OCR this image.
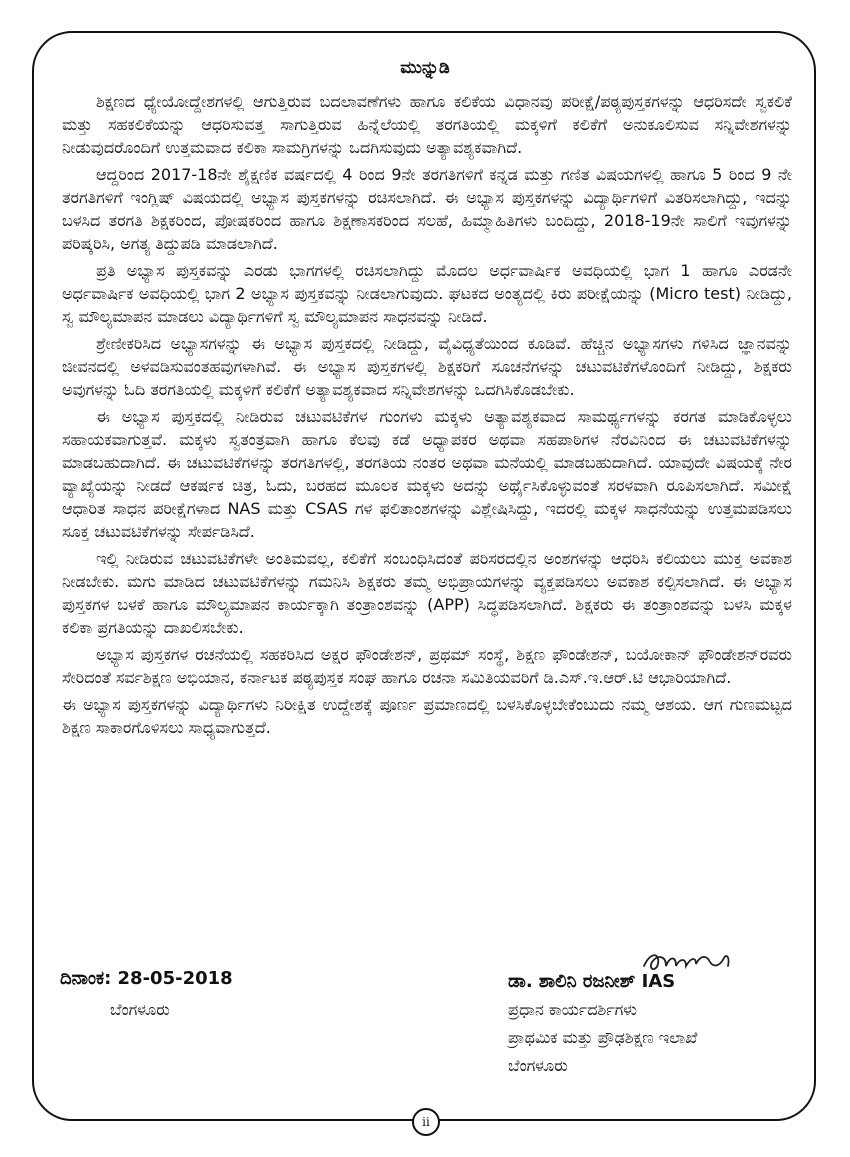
ಮುನ್ನುಡಿ

ಶಿಕ್ಷಣದ ಧ್ಯೇಯೋದ್ದೇಶಗಳಲ್ಲಿ ಆಗುತ್ತಿರುವ ಬದಲಾವಣೆಗಳು ಹಾಗೂ ಕಲಿಕೆಯ ವಿಧಾನವು ಪರೀಕ್ಷೆ/ಪಠ್ಯಪುಸ್ತಕಗಳನ್ನು ಆಧರಿಸದೇ ಸ್ವಕಲಿಕೆ ಮತ್ತು ಸಹಕಲಿಕೆಯನ್ನು ಆಧರಿಸುವತ್ತ ಸಾಗುತ್ತಿರುವ ಹಿನ್ನೆಲೆಯಲ್ಲಿ ತರಗತಿಯಲ್ಲಿ ಮಕ್ಕಳಿಗೆ ಕಲಿಕೆಗೆ ಅನುಕೂಲಿಸುವ ಸನ್ನಿವೇಶಗಳನ್ನು ನೀಡುವುದರೊಂದಿಗೆ ಉತ್ತಮವಾದ ಕಲಿಕಾ ಸಾಮಗ್ರಿಗಳನ್ನು ಒದಗಿಸುವುದು ಅತ್ಯಾವಶ್ಯಕವಾಗಿದೆ.

ಆದ್ದರಿಂದ 2017-18ನೇ ಶೈಕ್ಷಣಿಕ ವರ್ಷದಲ್ಲಿ 4 ರಿಂದ 9ನೇ ತರಗತಿಗಳಿಗೆ ಕನ್ನಡ ಮತ್ತು ಗಣಿತ ವಿಷಯಗಳಲ್ಲಿ ಹಾಗೂ 5 ರಿಂದ 9 ನೇ ತರಗತಿಗಳಿಗೆ ಇಂಗ್ಲಿಷ್ ವಿಷಯದಲ್ಲಿ ಅಭ್ಯಾಸ ಪುಸ್ತಕಗಳನ್ನು ರಚಿಸಲಾಗಿದೆ. ಈ ಅಭ್ಯಾಸ ಪುಸ್ತಕಗಳನ್ನು ವಿದ್ಯಾರ್ಥಿಗಳಿಗೆ ವಿತರಿಸಲಾಗಿದ್ದು, ಇದನ್ನು ಬಳಸಿದ ತರಗತಿ ಶಿಕ್ಷಕರಿಂದ, ಪೋಷಕರಿಂದ ಹಾಗೂ ಶಿಕ್ಷಣಾಸಕರಿಂದ ಸಲಹೆ, ಹಿಮ್ಮಾಹಿತಿಗಳು ಬಂದಿದ್ದು, 2018-19ನೇ ಸಾಲಿಗೆ ಇವುಗಳನ್ನು ಪರಿಷ್ಕರಿಸಿ, ಅಗತ್ಯ ತಿದ್ದುಪಡಿ ಮಾಡಲಾಗಿದೆ.

ಪ್ರತಿ ಅಭ್ಯಾಸ ಪುಸ್ತಕವನ್ನು ಎರಡು ಭಾಗಗಳಲ್ಲಿ ರಚಿಸಲಾಗಿದ್ದು ಮೊದಲ ಅರ್ಧವಾರ್ಷಿಕ ಅವಧಿಯಲ್ಲಿ ಭಾಗ 1 ಹಾಗೂ ಎರಡನೇ ಅರ್ಧವಾರ್ಷಿಕ ಅವಧಿಯಲ್ಲಿ ಭಾಗ 2 ಅಭ್ಯಾಸ ಪುಸ್ತಕವನ್ನು ನೀಡಲಾಗುವುದು. ಘಟಕದ ಅಂತ್ಯದಲ್ಲಿ ಕಿರು ಪರೀಕ್ಷೆಯನ್ನು (Micro test) ನೀಡಿದ್ದು, ಸ್ವ ಮೌಲ್ಯಮಾಪನ ಮಾಡಲು ವಿದ್ಯಾರ್ಥಿಗಳಿಗೆ ಸ್ವ ಮೌಲ್ಯಮಾಪನ ಸಾಧನವನ್ನು ನೀಡಿದೆ.

ಶ್ರೇಣೀಕರಿಸಿದ ಅಭ್ಯಾಸಗಳನ್ನು ಈ ಅಭ್ಯಾಸ ಪುಸ್ತಕದಲ್ಲಿ ನೀಡಿದ್ದು, ವೈವಿಧ್ಯತೆಯಿಂದ ಕೂಡಿವೆ. ಹೆಚ್ಚಿನ ಅಭ್ಯಾಸಗಳು ಗಳಿಸಿದ ಜ್ಞಾನವನ್ನು ಜೀವನದಲ್ಲಿ ಅಳವಡಿಸುವಂತಹವುಗಳಾಗಿವೆ. ಈ ಅಭ್ಯಾಸ ಪುಸ್ತಕಗಳಲ್ಲಿ ಶಿಕ್ಷಕರಿಗೆ ಸೂಚನೆಗಳನ್ನು ಚಟುವಟಿಕೆಗಳೊಂದಿಗೆ ನೀಡಿದ್ದು, ಶಿಕ್ಷಕರು ಅವುಗಳನ್ನು ಓದಿ ತರಗತಿಯಲ್ಲಿ ಮಕ್ಕಳಿಗೆ ಕಲಿಕೆಗೆ ಅತ್ಯಾವಶ್ಯಕವಾದ ಸನ್ನಿವೇಶಗಳನ್ನು ಒದಗಿಸಿಕೊಡಬೇಕು.

ಈ ಅಭ್ಯಾಸ ಪುಸ್ತಕದಲ್ಲಿ ನೀಡಿರುವ ಚಟುವಟಿಕೆಗಳ ಗುಂಗಳು ಮಕ್ಕಳು ಅತ್ಯಾವಶ್ಯಕವಾದ ಸಾಮರ್ಥ್ಯಗಳನ್ನು ಕರಗತ ಮಾಡಿಕೊಳ್ಳಲು ಸಹಾಯಕವಾಗುತ್ತವೆ. ಮಕ್ಕಳು ಸ್ವತಂತ್ರವಾಗಿ ಹಾಗೂ ಕೆಲವು ಕಡೆ ಅಧ್ಯಾಪಕರ ಅಥವಾ ಸಹಪಾಠಿಗಳ ನೆರವಿನಿಂದ ಈ ಚಟುವಟಿಕೆಗಳನ್ನು ಮಾಡಬಹುದಾಗಿದೆ. ಈ ಚಟುವಟಿಕೆಗಳನ್ನು ತರಗತಿಗಳಲ್ಲಿ, ತರಗತಿಯ ನಂತರ ಅಥವಾ ಮನೆಯಲ್ಲಿ ಮಾಡಬಹುದಾಗಿದೆ. ಯಾವುದೇ ವಿಷಯಕ್ಕೆ ನೇರ ವ್ಯಾಖ್ಯೆಯನ್ನು ನೀಡದೆ ಆಕರ್ಷಕ ಚಿತ್ರ, ಓದು, ಬರಹದ ಮೂಲಕ ಮಕ್ಕಳು ಅದನ್ನು ಅರ್ಥೈಸಿಕೊಳ್ಳುವಂತೆ ಸರಳವಾಗಿ ರೂಪಿಸಲಾಗಿದೆ. ಸಮೀಕ್ಷೆ ಆಧಾರಿತ ಸಾಧನ ಪರೀಕ್ಷೆಗಳಾದ NAS ಮತ್ತು CSAS ಗಳ ಫಲಿತಾಂಶಗಳನ್ನು ವಿಶ್ಲೇಷಿಸಿದ್ದು, ಇದರಲ್ಲಿ ಮಕ್ಕಳ ಸಾಧನೆಯನ್ನು ಉತ್ತಮಪಡಿಸಲು ಸೂಕ್ತ ಚಟುವಟಿಕೆಗಳನ್ನು ಸೇರ್ಪಡಿಸಿದೆ.

ಇಲ್ಲಿ ನೀಡಿರುವ ಚಟುವಟಿಕೆಗಳೇ ಅಂತಿಮವಲ್ಲ, ಕಲಿಕೆಗೆ ಸಂಬಂಧಿಸಿದಂತೆ ಪರಿಸರದಲ್ಲಿನ ಅಂಶಗಳನ್ನು ಆಧರಿಸಿ ಕಲಿಯಲು ಮುಕ್ತ ಅವಕಾಶ ನೀಡಬೇಕು. ಮಗು ಮಾಡಿದ ಚಟುವಟಿಕೆಗಳನ್ನು ಗಮನಿಸಿ ಶಿಕ್ಷಕರು ತಮ್ಮ ಅಭಿಪ್ರಾಯಗಳನ್ನು ವ್ಯಕ್ತಪಡಿಸಲು ಅವಕಾಶ ಕಲ್ಪಿಸಲಾಗಿದೆ. ಈ ಅಭ್ಯಾಸ ಪುಸ್ತಕಗಳ ಬಳಕೆ ಹಾಗೂ ಮೌಲ್ಯಮಾಪನ ಕಾರ್ಯಕ್ಕಾಗಿ ತಂತ್ರಾಂಶವನ್ನು (APP) ಸಿದ್ಧಪಡಿಸಲಾಗಿದೆ. ಶಿಕ್ಷಕರು ಈ ತಂತ್ರಾಂಶವನ್ನು ಬಳಸಿ ಮಕ್ಕಳ ಕಲಿಕಾ ಪ್ರಗತಿಯನ್ನು ದಾಖಲಿಸಬೇಕು.

ಅಭ್ಯಾಸ ಪುಸ್ತಕಗಳ ರಚನೆಯಲ್ಲಿ ಸಹಕರಿಸಿದ ಅಕ್ಷರ ಫೌಂಡೇಶನ್, ಪ್ರಥಮ್ ಸಂಸ್ಥೆ, ಶಿಕ್ಷಣ ಫೌಂಡೇಶನ್, ಬಯೋಕಾನ್ ಫೌಂಡೇಶನ್‌ರವರು ಸೇರಿದಂತೆ ಸರ್ವಶಿಕ್ಷಣ ಅಭಿಯಾನ, ಕರ್ನಾಟಕ ಪಠ್ಯಪುಸ್ತಕ ಸಂಘ ಹಾಗೂ ರಚನಾ ಸಮಿತಿಯವರಿಗೆ ಡಿ.ಎಸ್.ಇ.ಆರ್.ಟಿ ಆಭಾರಿಯಾಗಿದೆ.

ಈ ಅಭ್ಯಾಸ ಪುಸ್ತಕಗಳನ್ನು ವಿದ್ಯಾರ್ಥಿಗಳು ನಿರೀಕ್ಷಿತ ಉದ್ದೇಶಕ್ಕೆ ಪೂರ್ಣ ಪ್ರಮಾಣದಲ್ಲಿ ಬಳಸಿಕೊಳ್ಳಬೇಕೆಂಬುದು ನಮ್ಮ ಆಶಯ. ಆಗ ಗುಣಮಟ್ಟದ ಶಿಕ್ಷಣ ಸಾಕಾರಗೊಳಿಸಲು ಸಾಧ್ಯವಾಗುತ್ತದೆ.

ದಿನಾಂಕ: 28-05-2018
ಬೆಂಗಳೂರು
ಡಾ. ಶಾಲಿನಿ ರಜನೀಶ್ IAS
ಪ್ರಧಾನ ಕಾರ್ಯದರ್ಶಿಗಳು
ಪ್ರಾಥಮಿಕ ಮತ್ತು ಪ್ರೌಢಶಿಕ್ಷಣ ಇಲಾಖೆ
ಬೆಂಗಳೂರು
ii
